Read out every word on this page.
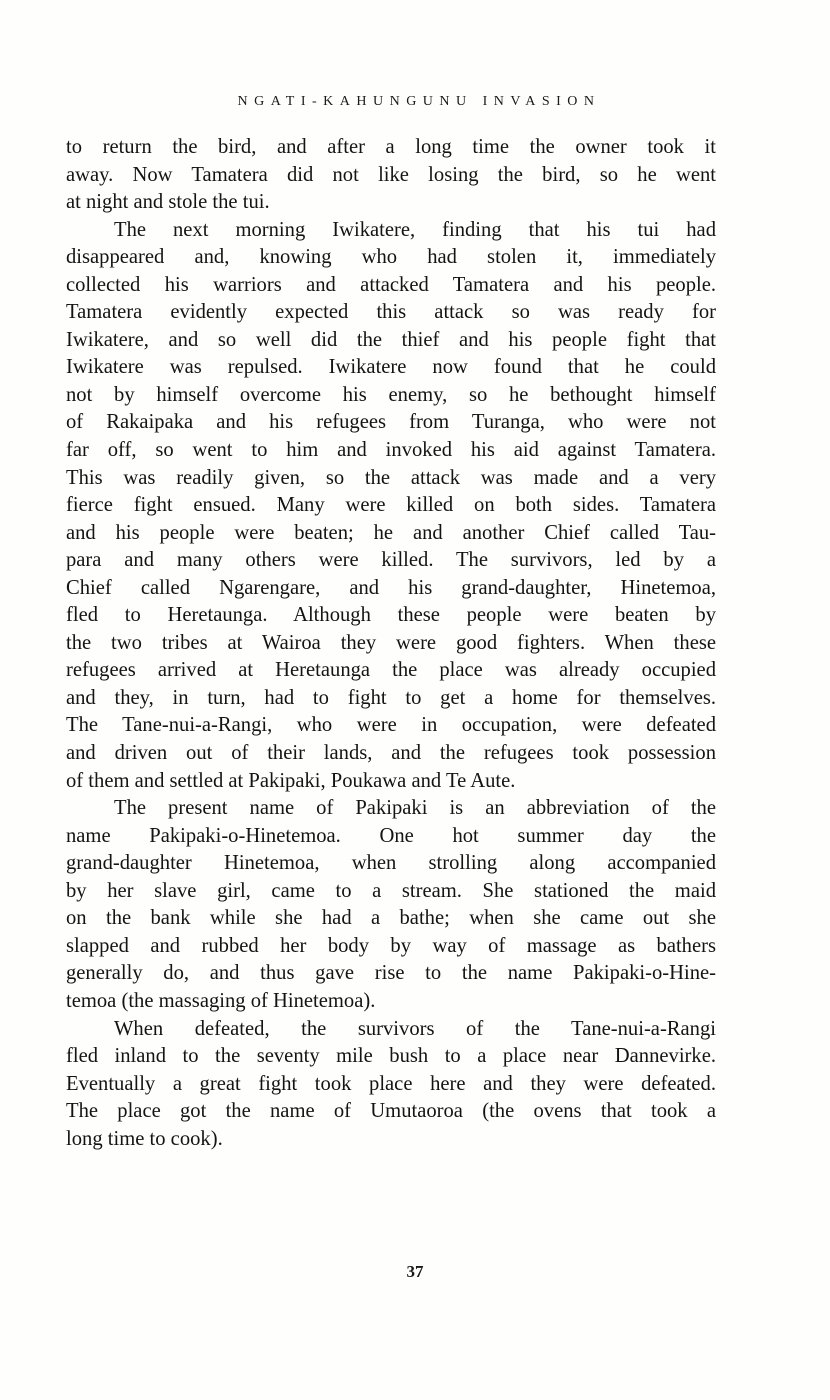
NGATI-KAHUNGUNU INVASION
to return the bird, and after a long time the owner took it
away. Now Tamatera did not like losing the bird, so he went
at night and stole the tui.
The next morning Iwikatere, finding that his tui had
disappeared and, knowing who had stolen it, immediately
collected his warriors and attacked Tamatera and his people.
Tamatera evidently expected this attack so was ready for
Iwikatere, and so well did the thief and his people fight that
Iwikatere was repulsed. Iwikatere now found that he could
not by himself overcome his enemy, so he bethought himself
of Rakaipaka and his refugees from Turanga, who were not
far off, so went to him and invoked his aid against Tamatera.
This was readily given, so the attack was made and a very
fierce fight ensued. Many were killed on both sides. Tamatera
and his people were beaten; he and another Chief called Tau-
para and many others were killed. The survivors, led by a
Chief called Ngarengare, and his grand-daughter, Hinetemoa,
fled to Heretaunga. Although these people were beaten by
the two tribes at Wairoa they were good fighters. When these
refugees arrived at Heretaunga the place was already occupied
and they, in turn, had to fight to get a home for themselves.
The Tane-nui-a-Rangi, who were in occupation, were defeated
and driven out of their lands, and the refugees took possession
of them and settled at Pakipaki, Poukawa and Te Aute.
The present name of Pakipaki is an abbreviation of the
name Pakipaki-o-Hinetemoa. One hot summer day the
grand-daughter Hinetemoa, when strolling along accompanied
by her slave girl, came to a stream. She stationed the maid
on the bank while she had a bathe; when she came out she
slapped and rubbed her body by way of massage as bathers
generally do, and thus gave rise to the name Pakipaki-o-Hine-
temoa (the massaging of Hinetemoa).
When defeated, the survivors of the Tane-nui-a-Rangi
fled inland to the seventy mile bush to a place near Dannevirke.
Eventually a great fight took place here and they were defeated.
The place got the name of Umutaoroa (the ovens that took a
long time to cook).
37
